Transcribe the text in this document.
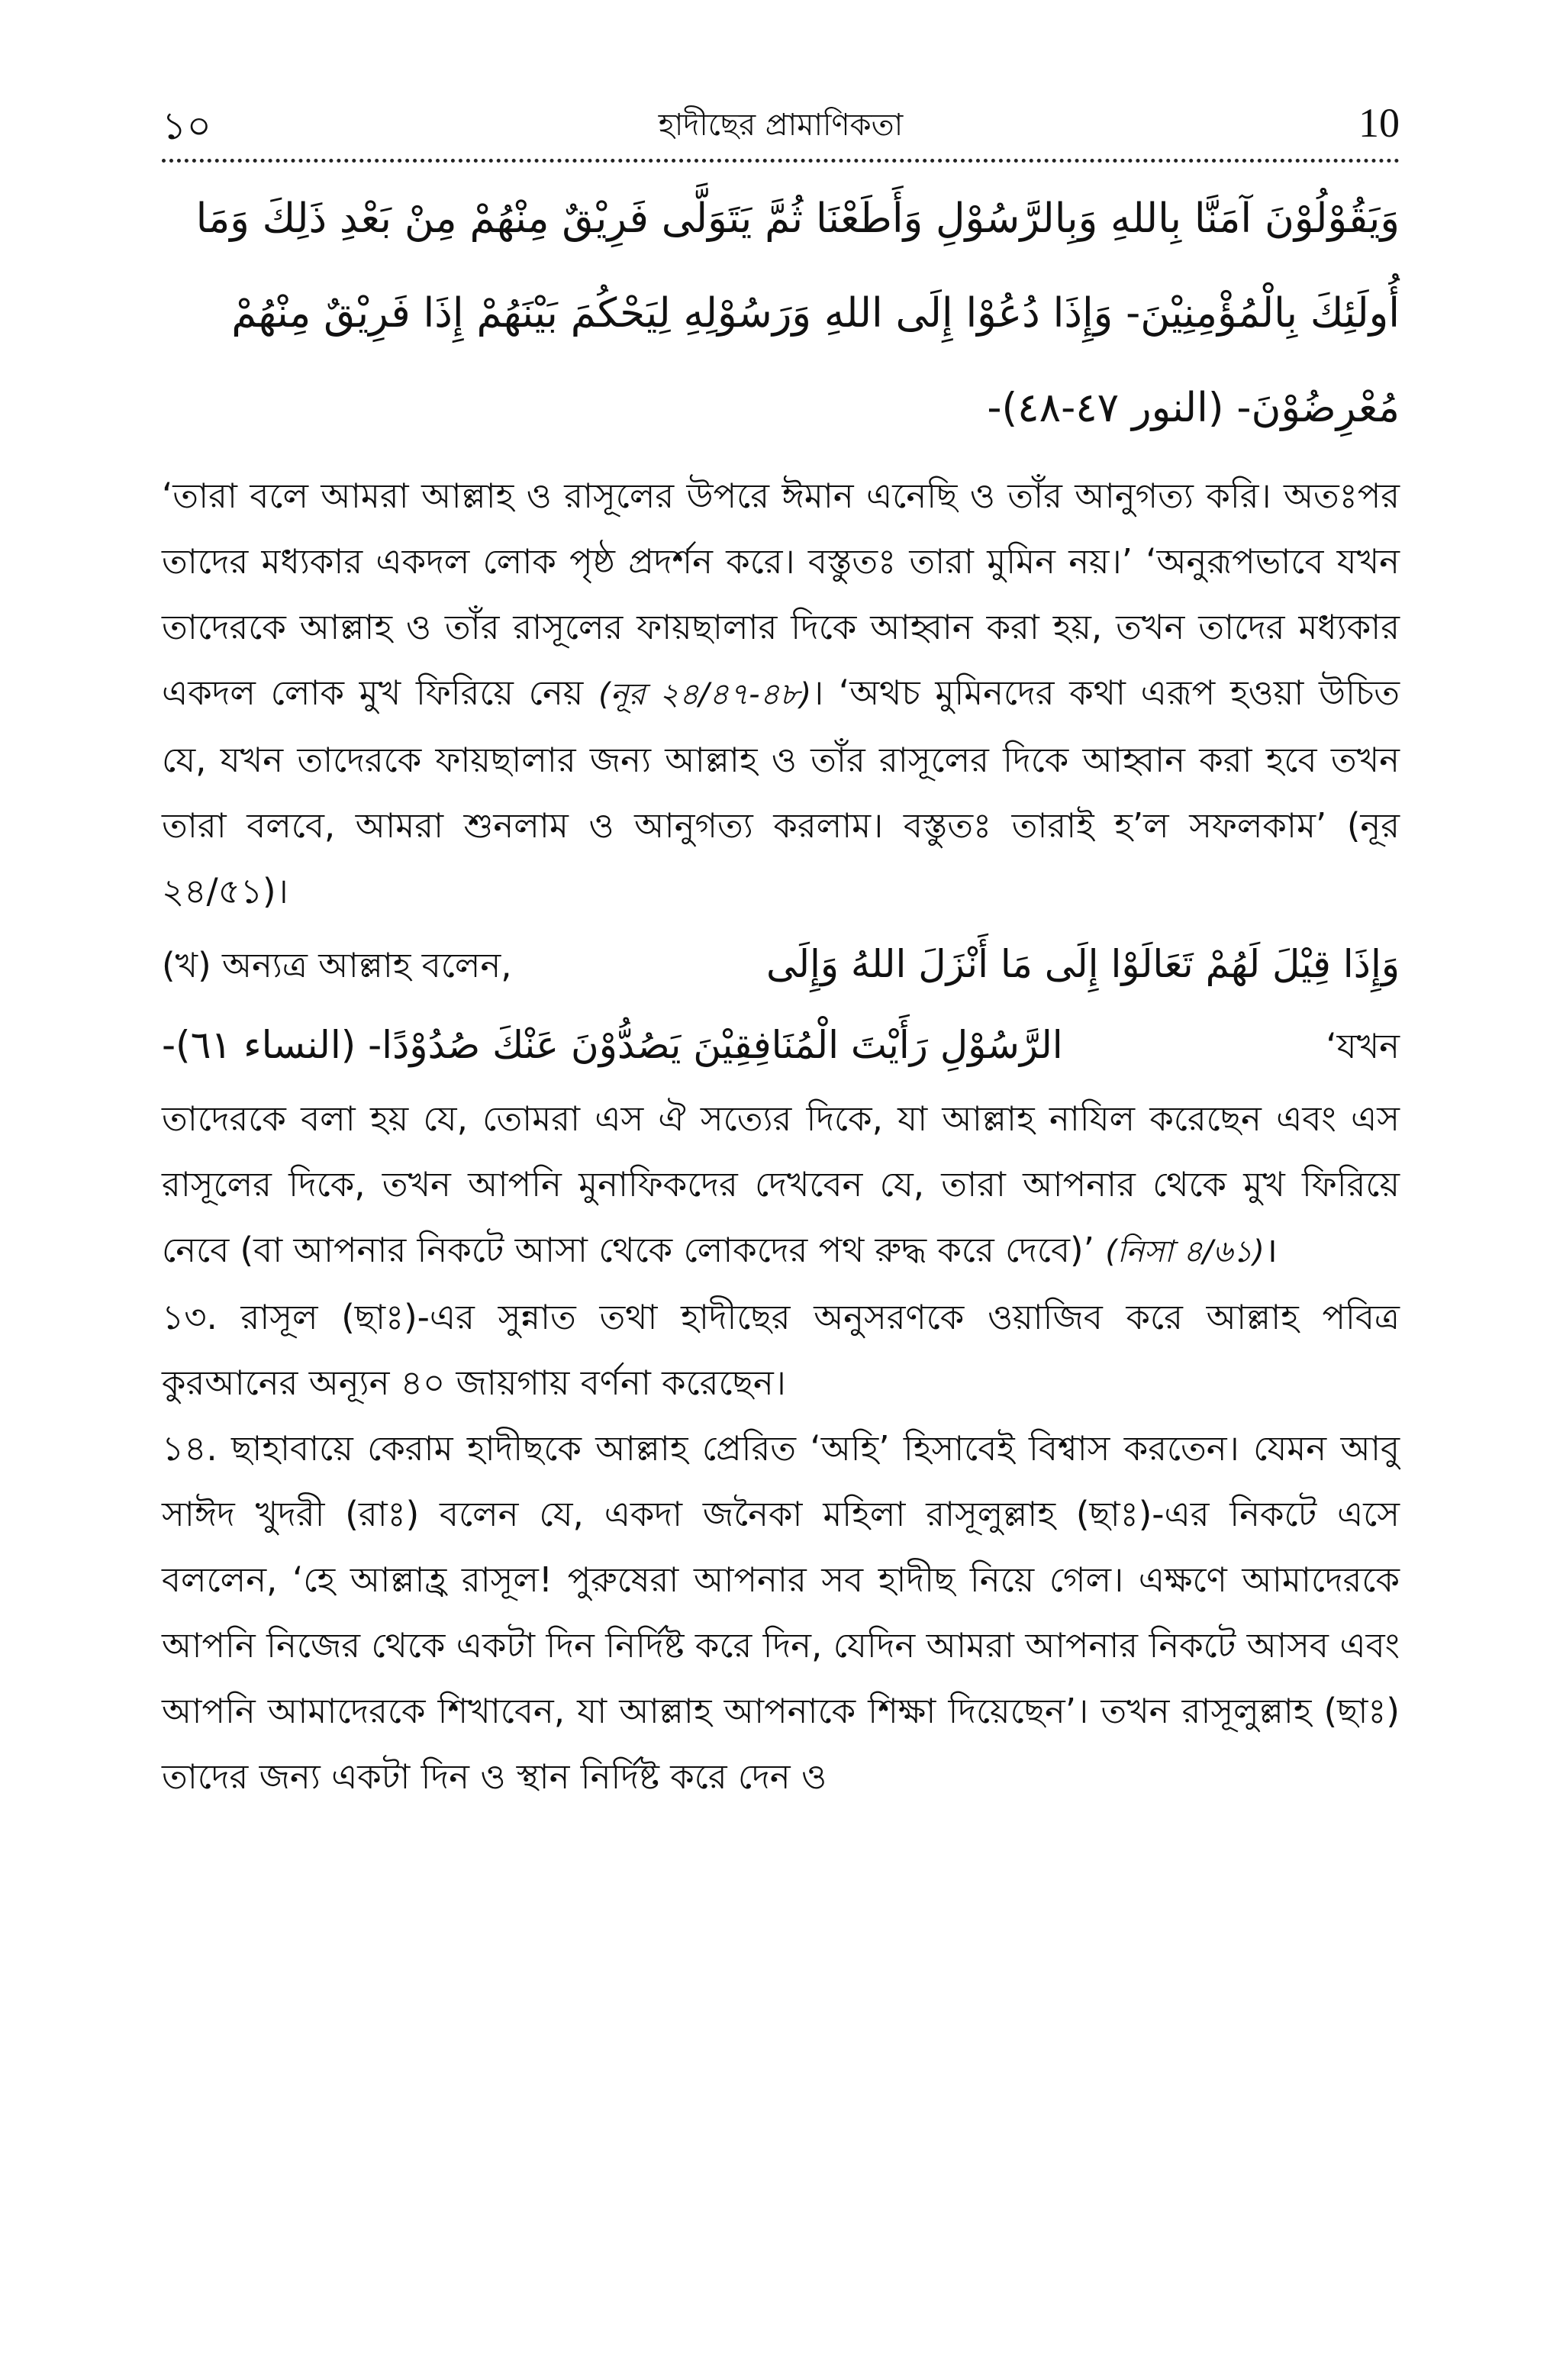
১০	হাদীছের প্রামাণিকতা	10

وَيَقُوْلُوْنَ آمَنَّا بِاللهِ وَبِالرَّسُوْلِ وَأَطَعْنَا ثُمَّ يَتَوَلَّى فَرِيْقٌ مِنْهُمْ مِنْ بَعْدِ ذَلِكَ وَمَا

أُولَئِكَ بِالْمُؤْمِنِيْنَ- وَإِذَا دُعُوْا إِلَى اللهِ وَرَسُوْلِهِ لِيَحْكُمَ بَيْنَهُمْ إِذَا فَرِيْقٌ مِنْهُمْ

مُعْرِضُوْنَ- (النور ٤٧-٤٨)-

‘তারা বলে আমরা আল্লাহ ও রাসূলের উপরে ঈমান এনেছি ও তাঁর আনুগত্য করি। অতঃপর তাদের মধ্যকার একদল লোক পৃষ্ঠ প্রদর্শন করে। বস্তুতঃ তারা মুমিন নয়।’ ‘অনুরূপভাবে যখন তাদেরকে আল্লাহ ও তাঁর রাসূলের ফায়ছালার দিকে আহ্বান করা হয়, তখন তাদের মধ্যকার একদল লোক মুখ ফিরিয়ে নেয় (নূর ২৪/৪৭-৪৮)। ‘অথচ মুমিনদের কথা এরূপ হওয়া উচিত যে, যখন তাদেরকে ফায়ছালার জন্য আল্লাহ ও তাঁর রাসূলের দিকে আহ্বান করা হবে তখন তারা বলবে, আমরা শুনলাম ও আনুগত্য করলাম। বস্তুতঃ তারাই হ’ল সফলকাম’ (নূর ২৪/৫১)।

(খ) অন্যত্র আল্লাহ বলেন,	وَإِذَا قِيْلَ لَهُمْ تَعَالَوْا إِلَى مَا أَنْزَلَ اللهُ وَإِلَى
الرَّسُوْلِ رَأَيْتَ الْمُنَافِقِيْنَ يَصُدُّوْنَ عَنْكَ صُدُوْدًا- (النساء ٦١)-	‘যখন

তাদেরকে বলা হয় যে, তোমরা এস ঐ সত্যের দিকে, যা আল্লাহ নাযিল করেছেন এবং এস রাসূলের দিকে, তখন আপনি মুনাফিকদের দেখবেন যে, তারা আপনার থেকে মুখ ফিরিয়ে নেবে (বা আপনার নিকটে আসা থেকে লোকদের পথ রুদ্ধ করে দেবে)’ (নিসা ৪/৬১)।

১৩. রাসূল (ছাঃ)-এর সুন্নাত তথা হাদীছের অনুসরণকে ওয়াজিব করে আল্লাহ পবিত্র কুরআনের অন্যূন ৪০ জায়গায় বর্ণনা করেছেন।

১৪. ছাহাবায়ে কেরাম হাদীছকে আল্লাহ প্রেরিত ‘অহি’ হিসাবেই বিশ্বাস করতেন। যেমন আবু সাঈদ খুদরী (রাঃ) বলেন যে, একদা জনৈকা মহিলা রাসূলুল্লাহ (ছাঃ)-এর নিকটে এসে বললেন, ‘হে আল্লাহ্র রাসূল! পুরুষেরা আপনার সব হাদীছ নিয়ে গেল। এক্ষণে আমাদেরকে আপনি নিজের থেকে একটা দিন নির্দিষ্ট করে দিন, যেদিন আমরা আপনার নিকটে আসব এবং আপনি আমাদেরকে শিখাবেন, যা আল্লাহ আপনাকে শিক্ষা দিয়েছেন’। তখন রাসূলুল্লাহ (ছাঃ) তাদের জন্য একটা দিন ও স্থান নির্দিষ্ট করে দেন ও
